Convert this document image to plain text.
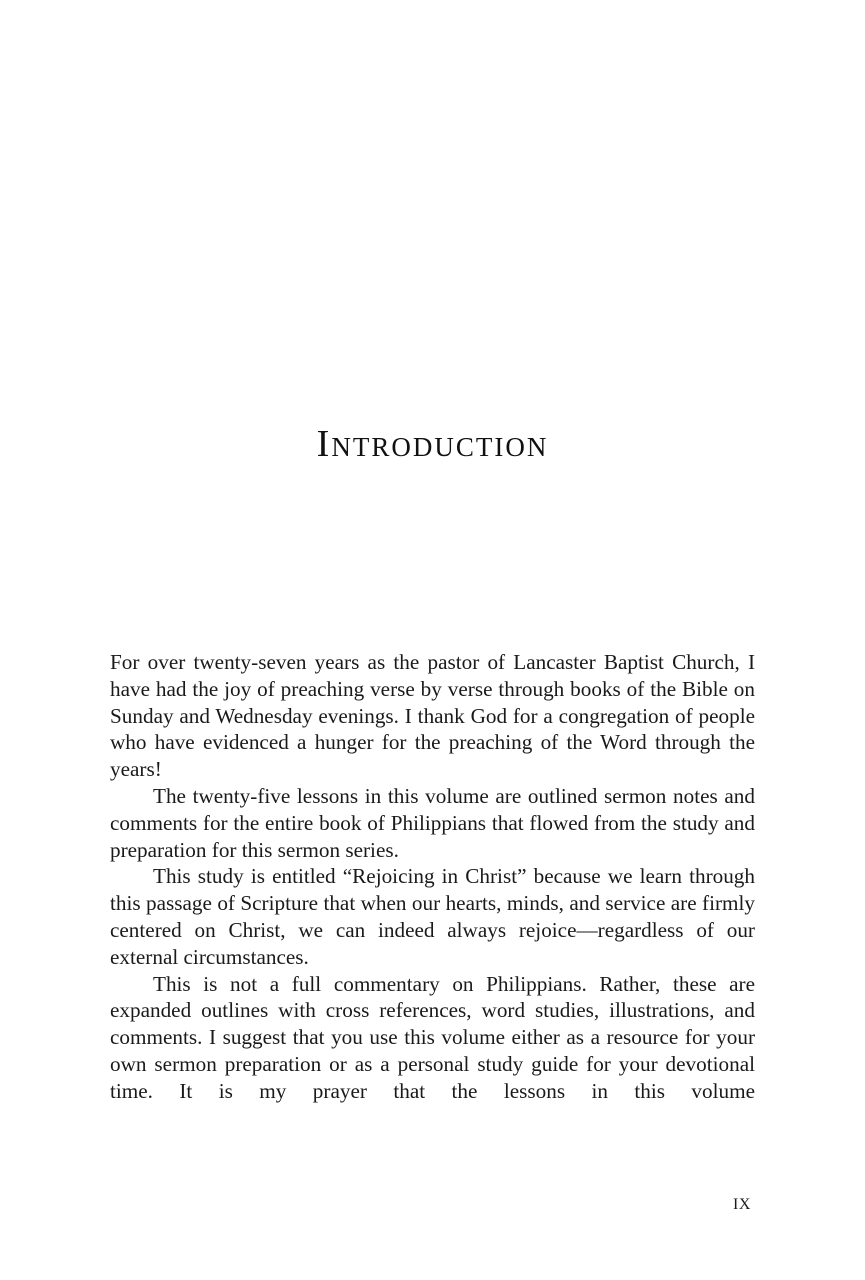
Introduction

For over twenty-seven years as the pastor of Lancaster Baptist Church, I have had the joy of preaching verse by verse through books of the Bible on Sunday and Wednesday evenings. I thank God for a congregation of people who have evidenced a hunger for the preaching of the Word through the years!

The twenty-five lessons in this volume are outlined sermon notes and comments for the entire book of Philippians that flowed from the study and preparation for this sermon series.

This study is entitled “Rejoicing in Christ” because we learn through this passage of Scripture that when our hearts, minds, and service are firmly centered on Christ, we can indeed always rejoice—regardless of our external circumstances.

This is not a full commentary on Philippians. Rather, these are expanded outlines with cross references, word studies, illustrations, and comments. I suggest that you use this volume either as a resource for your own sermon preparation or as a personal study guide for your devotional time. It is my prayer that the lessons in this volume

IX
